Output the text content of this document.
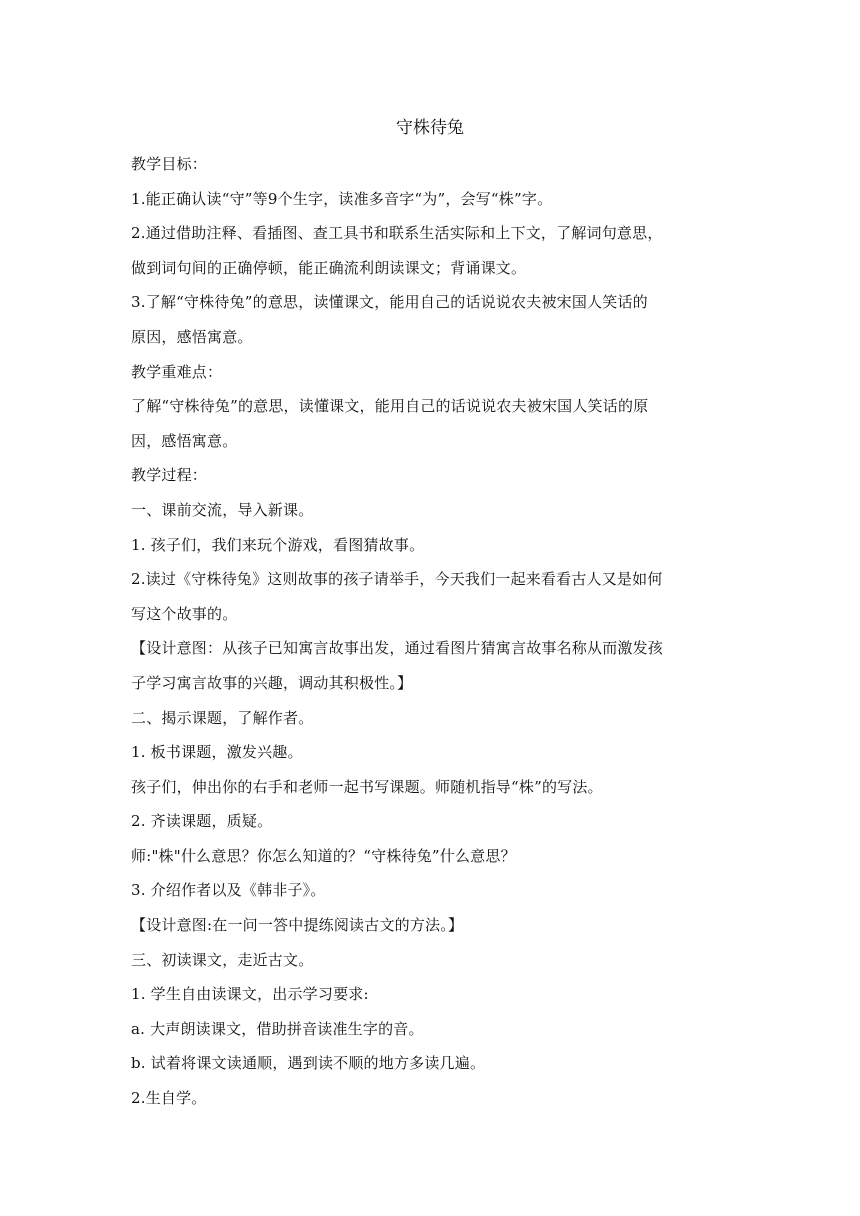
守株待兔
教学目标：
1.能正确认读“守”等9个生字，读准多音字“为”，会写“株”字。
2.通过借助注释、看插图、查工具书和联系生活实际和上下文，了解词句意思，
做到词句间的正确停顿，能正确流利朗读课文；背诵课文。
3.了解“守株待兔”的意思，读懂课文，能用自己的话说说农夫被宋国人笑话的
原因，感悟寓意。
教学重难点：
了解“守株待兔”的意思，读懂课文，能用自己的话说说农夫被宋国人笑话的原
因，感悟寓意。
教学过程：
一、课前交流，导入新课。
1. 孩子们，我们来玩个游戏，看图猜故事。
2.读过《守株待兔》这则故事的孩子请举手，今天我们一起来看看古人又是如何
写这个故事的。
【设计意图：从孩子已知寓言故事出发，通过看图片猜寓言故事名称从而激发孩
子学习寓言故事的兴趣，调动其积极性。】
二、揭示课题，了解作者。
1. 板书课题，激发兴趣。
孩子们，伸出你的右手和老师一起书写课题。师随机指导“株”的写法。
2. 齐读课题，质疑。
师:"株"什么意思？你怎么知道的？“守株待兔”什么意思？
3. 介绍作者以及《韩非子》。
【设计意图:在一问一答中提练阅读古文的方法。】
三、初读课文，走近古文。
1. 学生自由读课文，出示学习要求:
a. 大声朗读课文，借助拼音读准生字的音。
b. 试着将课文读通顺，遇到读不顺的地方多读几遍。
2.生自学。
